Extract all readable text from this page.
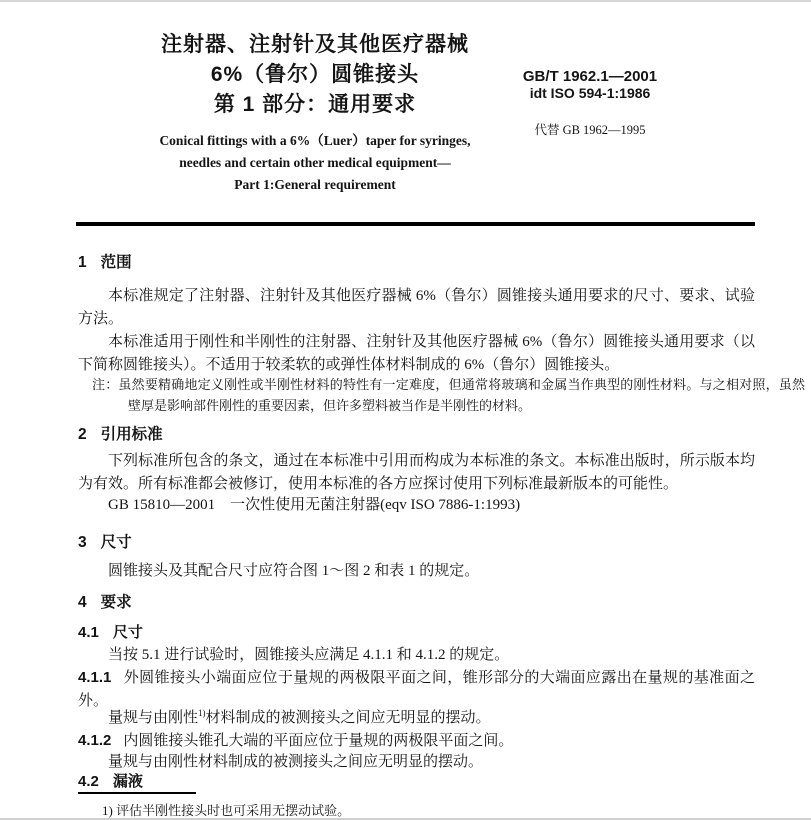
注射器、注射针及其他医疗器械
6%（鲁尔）圆锥接头
第 1 部分：通用要求
GB/T 1962.1—2001
idt ISO 594-1:1986
代替 GB 1962—1995
Conical fittings with a 6%（Luer）taper for syringes,
needles and certain other medical equipment—
Part 1:General requirement
1 范围
本标准规定了注射器、注射针及其他医疗器械 6%（鲁尔）圆锥接头通用要求的尺寸、要求、试验方法。
本标准适用于刚性和半刚性的注射器、注射针及其他医疗器械 6%（鲁尔）圆锥接头通用要求（以下简称圆锥接头）。不适用于较柔软的或弹性体材料制成的 6%（鲁尔）圆锥接头。
注：虽然要精确地定义刚性或半刚性材料的特性有一定难度，但通常将玻璃和金属当作典型的刚性材料。与之相对照，虽然壁厚是影响部件刚性的重要因素，但许多塑料被当作是半刚性的材料。
2 引用标准
下列标准所包含的条文，通过在本标准中引用而构成为本标准的条文。本标准出版时，所示版本均为有效。所有标准都会被修订，使用本标准的各方应探讨使用下列标准最新版本的可能性。
GB 15810—2001　一次性使用无菌注射器(eqv ISO 7886-1:1993)
3 尺寸
圆锥接头及其配合尺寸应符合图 1～图 2 和表 1 的规定。
4 要求
4.1 尺寸
当按 5.1 进行试验时，圆锥接头应满足 4.1.1 和 4.1.2 的规定。
4.1.1 外圆锥接头小端面应位于量规的两极限平面之间，锥形部分的大端面应露出在量规的基准面之外。
量规与由刚性$^{1)}$材料制成的被测接头之间应无明显的摆动。
4.1.2 内圆锥接头锥孔大端的平面应位于量规的两极限平面之间。
量规与由刚性材料制成的被测接头之间应无明显的摆动。
4.2 漏液
1) 评估半刚性接头时也可采用无摆动试验。
